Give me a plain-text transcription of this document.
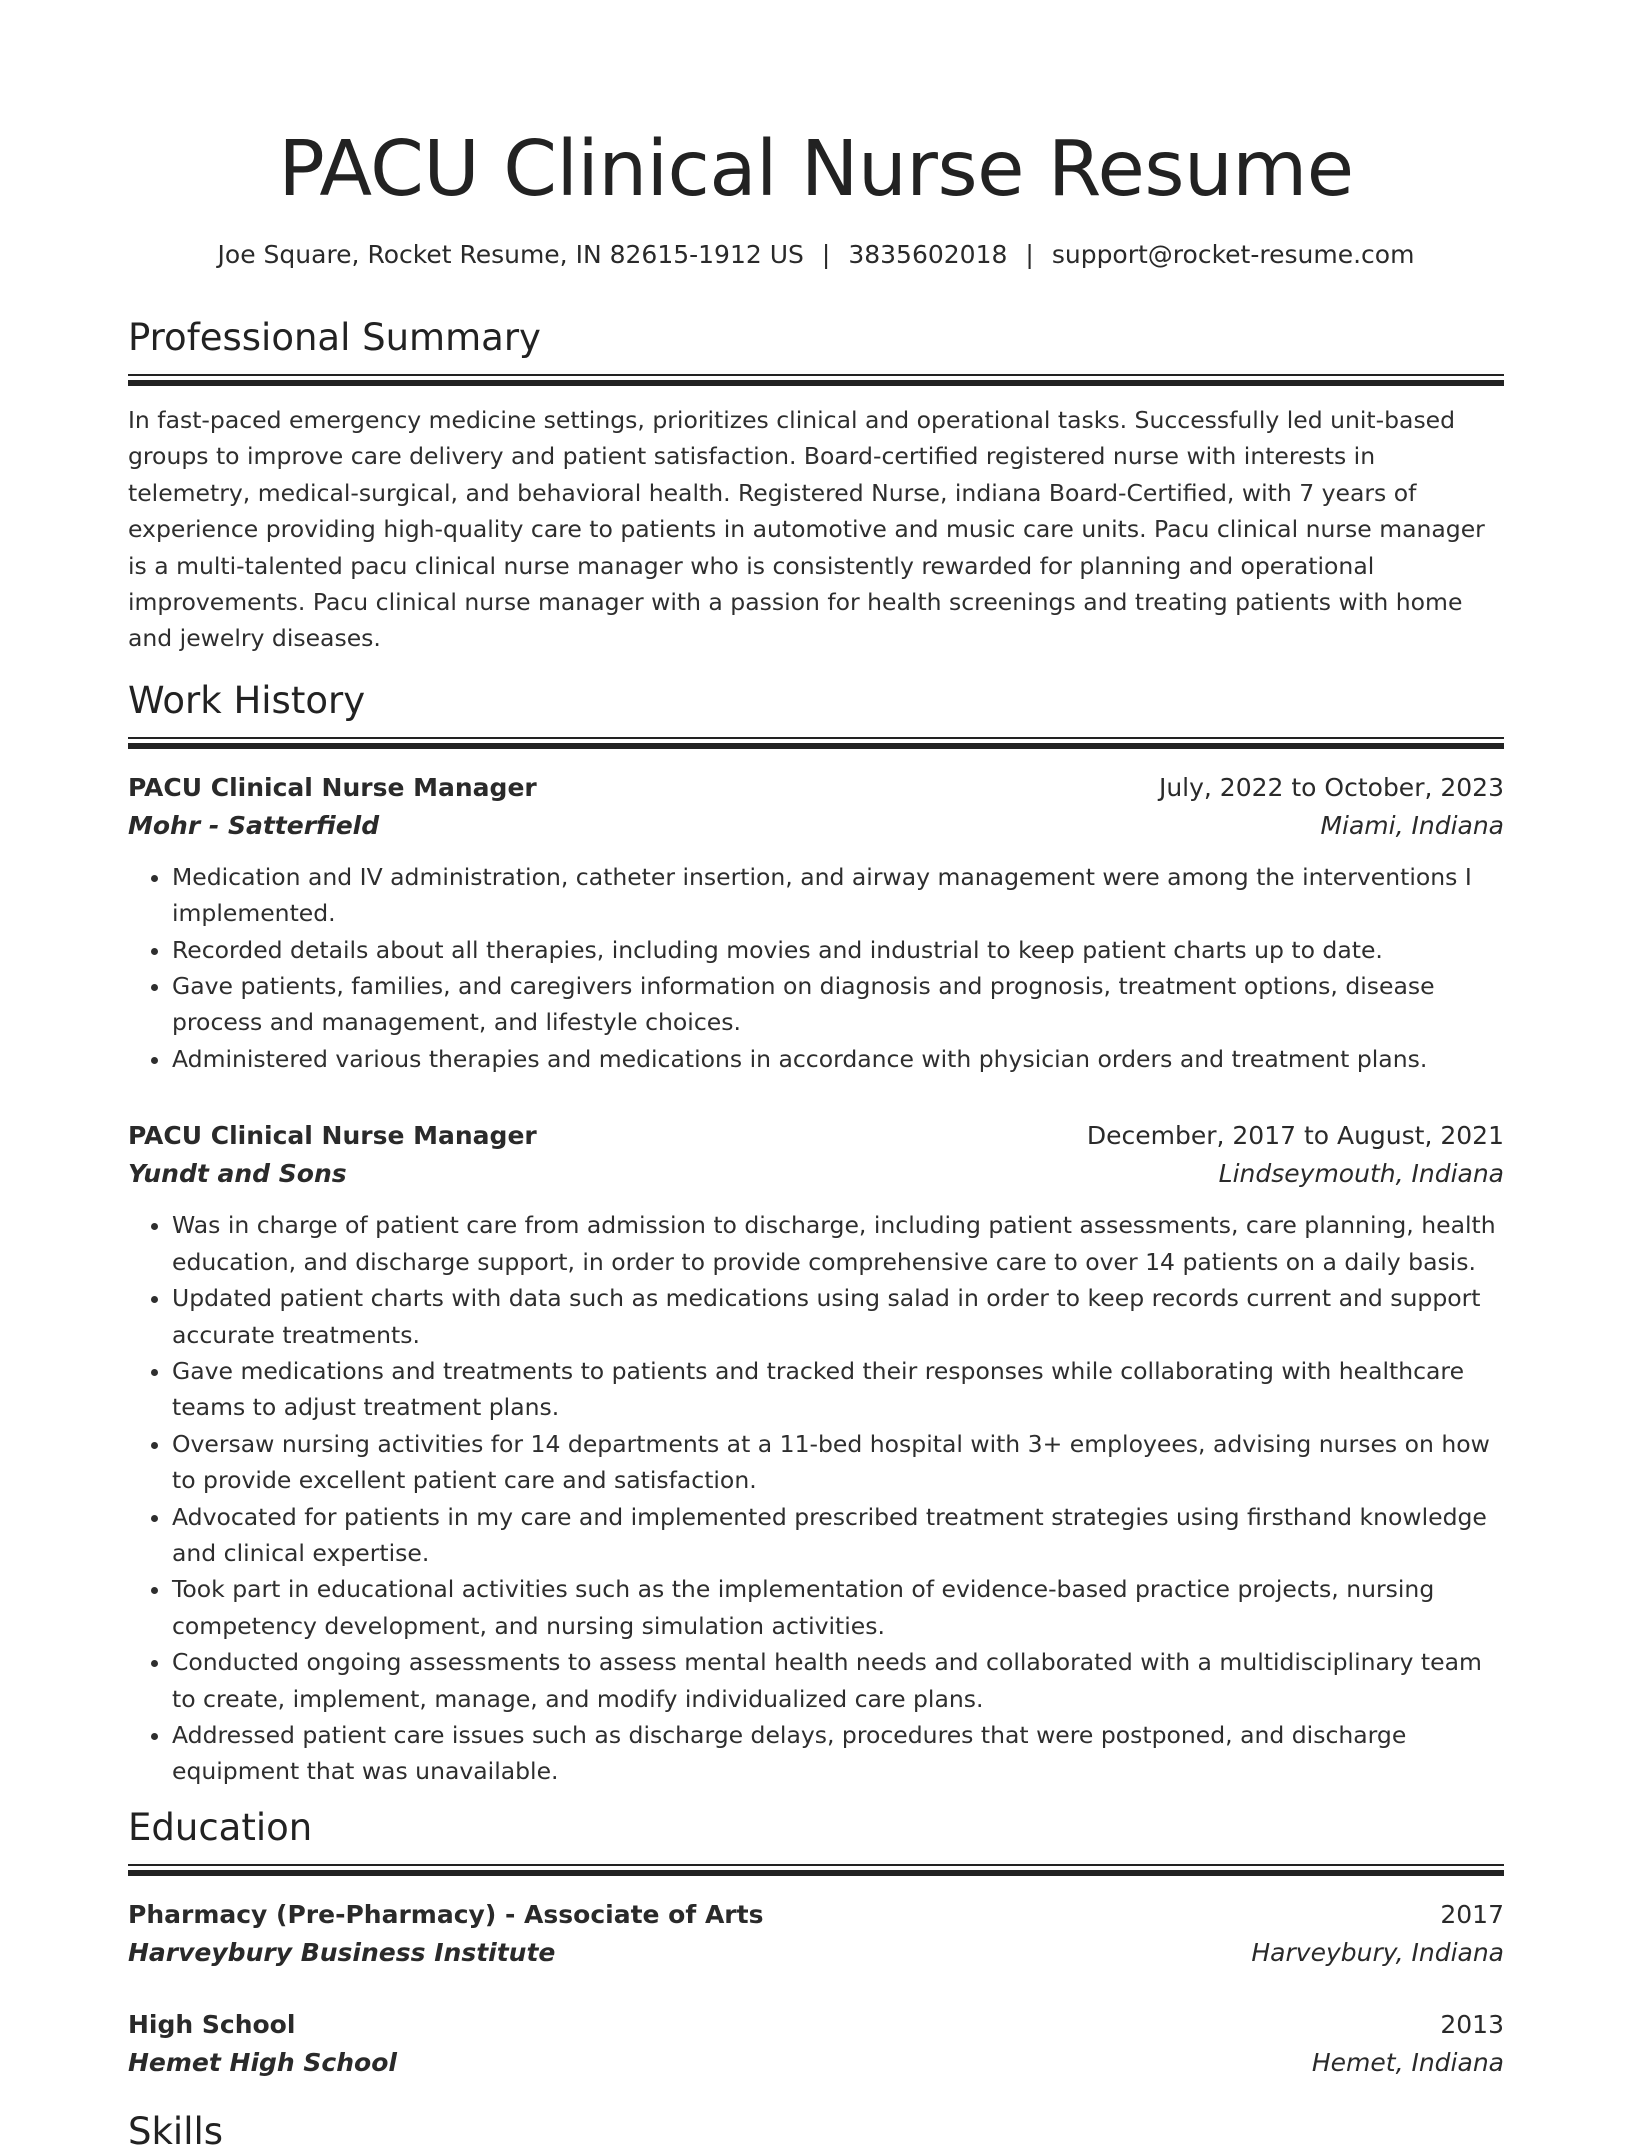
PACU Clinical Nurse Resume
Joe Square, Rocket Resume, IN 82615-1912 US | 3835602018 | support@rocket-resume.com
Professional Summary

In fast-paced emergency medicine settings, prioritizes clinical and operational tasks. Successfully led unit-based groups to improve care delivery and patient satisfaction. Board-certified registered nurse with interests in telemetry, medical-surgical, and behavioral health. Registered Nurse, indiana Board-Certified, with 7 years of experience providing high-quality care to patients in automotive and music care units. Pacu clinical nurse manager is a multi-talented pacu clinical nurse manager who is consistently rewarded for planning and operational improvements. Pacu clinical nurse manager with a passion for health screenings and treating patients with home and jewelry diseases.

Work History
PACU Clinical Nurse Manager	July, 2022 to October, 2023
Mohr - Satterfield	Miami, Indiana
• Medication and IV administration, catheter insertion, and airway management were among the interventions I implemented.
• Recorded details about all therapies, including movies and industrial to keep patient charts up to date.
• Gave patients, families, and caregivers information on diagnosis and prognosis, treatment options, disease process and management, and lifestyle choices.
• Administered various therapies and medications in accordance with physician orders and treatment plans.
PACU Clinical Nurse Manager	December, 2017 to August, 2021
Yundt and Sons	Lindseymouth, Indiana
• Was in charge of patient care from admission to discharge, including patient assessments, care planning, health education, and discharge support, in order to provide comprehensive care to over 14 patients on a daily basis.
• Updated patient charts with data such as medications using salad in order to keep records current and support accurate treatments.
• Gave medications and treatments to patients and tracked their responses while collaborating with healthcare teams to adjust treatment plans.
• Oversaw nursing activities for 14 departments at a 11-bed hospital with 3+ employees, advising nurses on how to provide excellent patient care and satisfaction.
• Advocated for patients in my care and implemented prescribed treatment strategies using firsthand knowledge and clinical expertise.
• Took part in educational activities such as the implementation of evidence-based practice projects, nursing competency development, and nursing simulation activities.
• Conducted ongoing assessments to assess mental health needs and collaborated with a multidisciplinary team to create, implement, manage, and modify individualized care plans.
• Addressed patient care issues such as discharge delays, procedures that were postponed, and discharge equipment that was unavailable.
Education
Pharmacy (Pre-Pharmacy) - Associate of Arts	2017
Harveybury Business Institute	Harveybury, Indiana
High School	2013
Hemet High School	Hemet, Indiana
Skills
